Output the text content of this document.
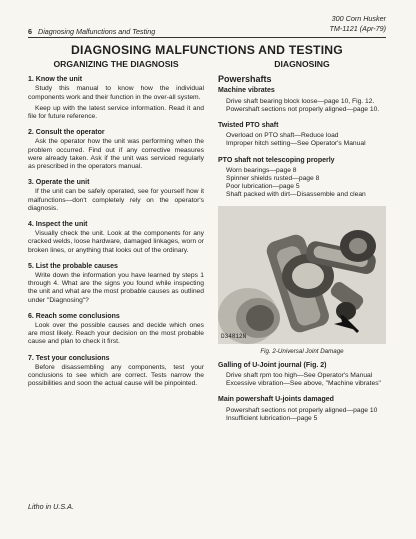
6 Diagnosing Malfunctions and Testing
300 Corn Husker
TM-1121 (Apr-79)
DIAGNOSING MALFUNCTIONS AND TESTING
ORGANIZING THE DIAGNOSIS
1. Know the unit

Study this manual to know how the individual components work and their function in the over-all system.

Keep up with the latest service information. Read it and file for future reference.

2. Consult the operator

Ask the operator how the unit was performing when the problem occurred. Find out if any corrective measures were already taken. Ask if the unit was serviced regularly as prescribed in the operators manual.

3. Operate the unit

If the unit can be safely operated, see for yourself how it malfunctions—don't completely rely on the operator's diagnosis.

4. Inspect the unit

Visually check the unit. Look at the components for any cracked welds, loose hardware, damaged linkages, worn or broken lines, or anything that looks out of the ordinary.

5. List the probable causes

Write down the information you have learned by steps 1 through 4. What are the signs you found while inspecting the unit and what are the most probable causes as outlined under "Diagnosing"?

6. Reach some conclusions

Look over the possible causes and decide which ones are most likely. Reach your decision on the most probable cause and plan to check it first.

7. Test your conclusions

Before disassembling any components, test your conclusions to see which are correct. Tests narrow the possibilities and soon the actual cause will be pinpointed.

DIAGNOSING
Powershafts
Machine vibrates
Drive shaft bearing block loose—page 10, Fig. 12.
Powershaft sections not properly aligned—page 10.
Twisted PTO shaft
Overload on PTO shaft—Reduce load
Improper hitch setting—See Operator's Manual
PTO shaft not telescoping properly
Worn bearings—page 8
Spinner shields rusted—page 8
Poor lubrication—page 5
Shaft packed with dirt—Disassemble and clean
D34812N
Fig. 2-Universal Joint Damage
Galling of U-Joint journal (Fig. 2)
Drive shaft rpm too high—See Operator's Manual
Excessive vibration—See above, "Machine vibrates"
Main powershaft U-joints damaged
Powershaft sections not properly aligned—page 10
Insufficient lubrication—page 5
Litho in U.S.A.
